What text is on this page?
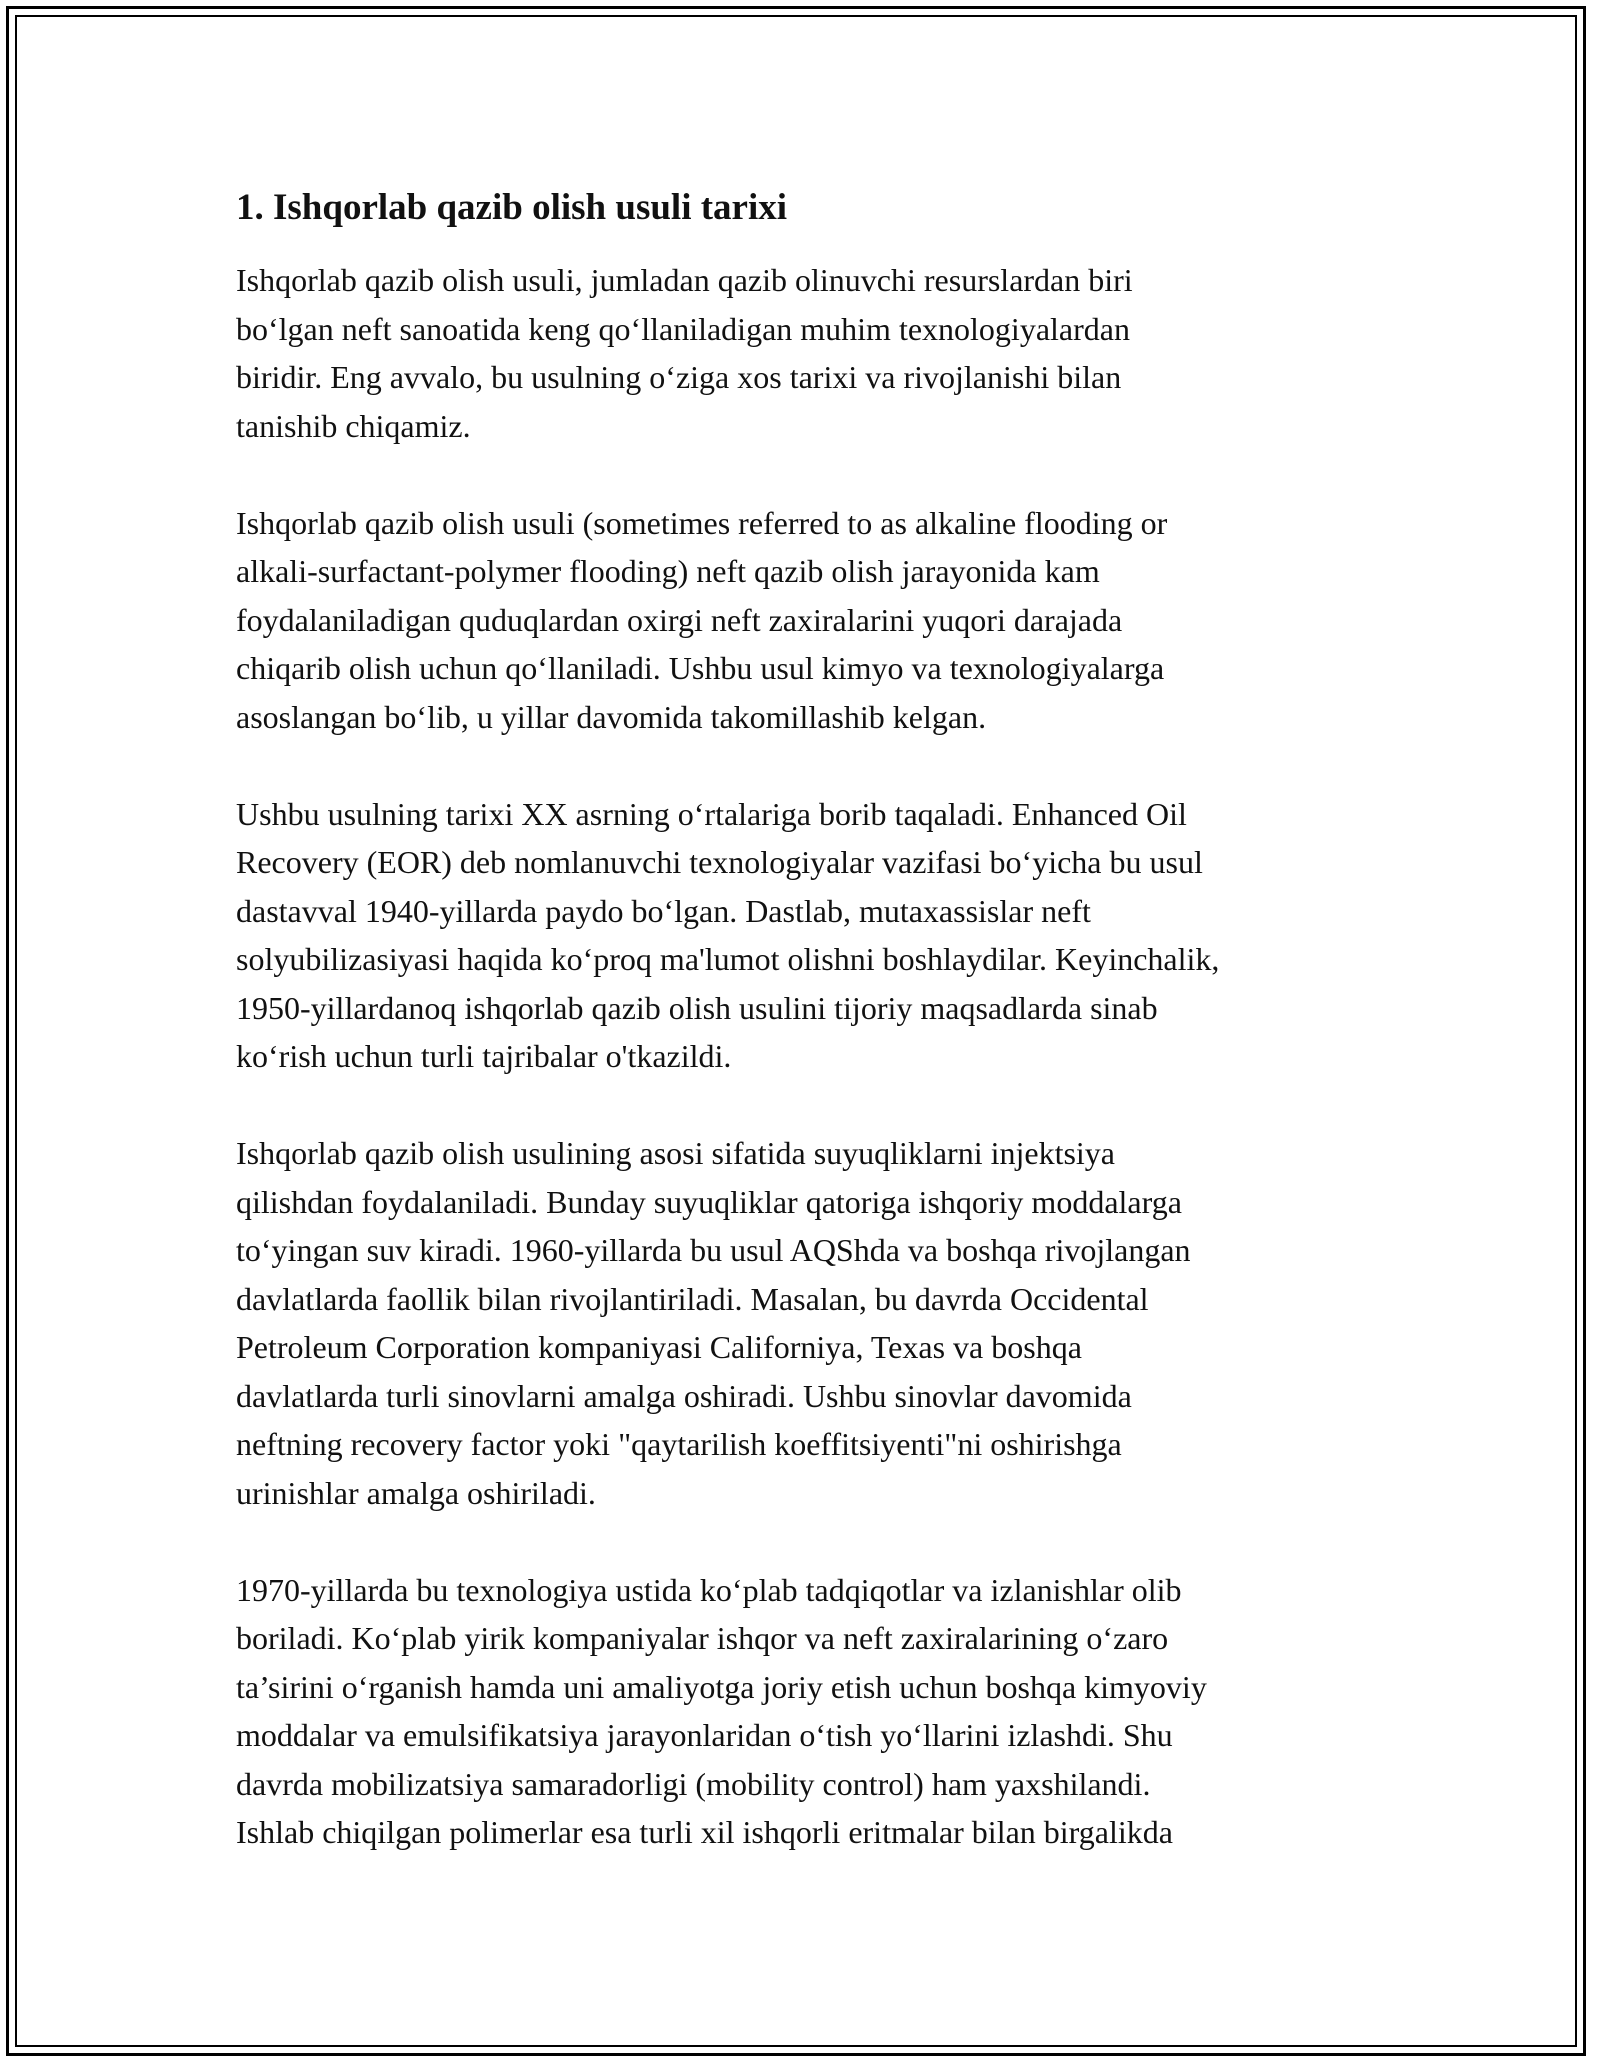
1. Ishqorlab qazib olish usuli tarixi

Ishqorlab qazib olish usuli, jumladan qazib olinuvchi resurslardan biri
bo‘lgan neft sanoatida keng qo‘llaniladigan muhim texnologiyalardan
biridir. Eng avvalo, bu usulning o‘ziga xos tarixi va rivojlanishi bilan
tanishib chiqamiz.

Ishqorlab qazib olish usuli (sometimes referred to as alkaline flooding or
alkali-surfactant-polymer flooding) neft qazib olish jarayonida kam
foydalaniladigan quduqlardan oxirgi neft zaxiralarini yuqori darajada
chiqarib olish uchun qo‘llaniladi. Ushbu usul kimyo va texnologiyalarga
asoslangan bo‘lib, u yillar davomida takomillashib kelgan.

Ushbu usulning tarixi XX asrning o‘rtalariga borib taqaladi. Enhanced Oil
Recovery (EOR) deb nomlanuvchi texnologiyalar vazifasi bo‘yicha bu usul
dastavval 1940-yillarda paydo bo‘lgan. Dastlab, mutaxassislar neft
solyubilizasiyasi haqida ko‘proq ma'lumot olishni boshlaydilar. Keyinchalik,
1950-yillardanoq ishqorlab qazib olish usulini tijoriy maqsadlarda sinab
ko‘rish uchun turli tajribalar o'tkazildi.

Ishqorlab qazib olish usulining asosi sifatida suyuqliklarni injektsiya
qilishdan foydalaniladi. Bunday suyuqliklar qatoriga ishqoriy moddalarga
to‘yingan suv kiradi. 1960-yillarda bu usul AQShda va boshqa rivojlangan
davlatlarda faollik bilan rivojlantiriladi. Masalan, bu davrda Occidental
Petroleum Corporation kompaniyasi Californiya, Texas va boshqa
davlatlarda turli sinovlarni amalga oshiradi. Ushbu sinovlar davomida
neftning recovery factor yoki "qaytarilish koeffitsiyenti"ni oshirishga
urinishlar amalga oshiriladi.

1970-yillarda bu texnologiya ustida ko‘plab tadqiqotlar va izlanishlar olib
boriladi. Ko‘plab yirik kompaniyalar ishqor va neft zaxiralarining o‘zaro
ta’sirini o‘rganish hamda uni amaliyotga joriy etish uchun boshqa kimyoviy
moddalar va emulsifikatsiya jarayonlaridan o‘tish yo‘llarini izlashdi. Shu
davrda mobilizatsiya samaradorligi (mobility control) ham yaxshilandi.
Ishlab chiqilgan polimerlar esa turli xil ishqorli eritmalar bilan birgalikda
